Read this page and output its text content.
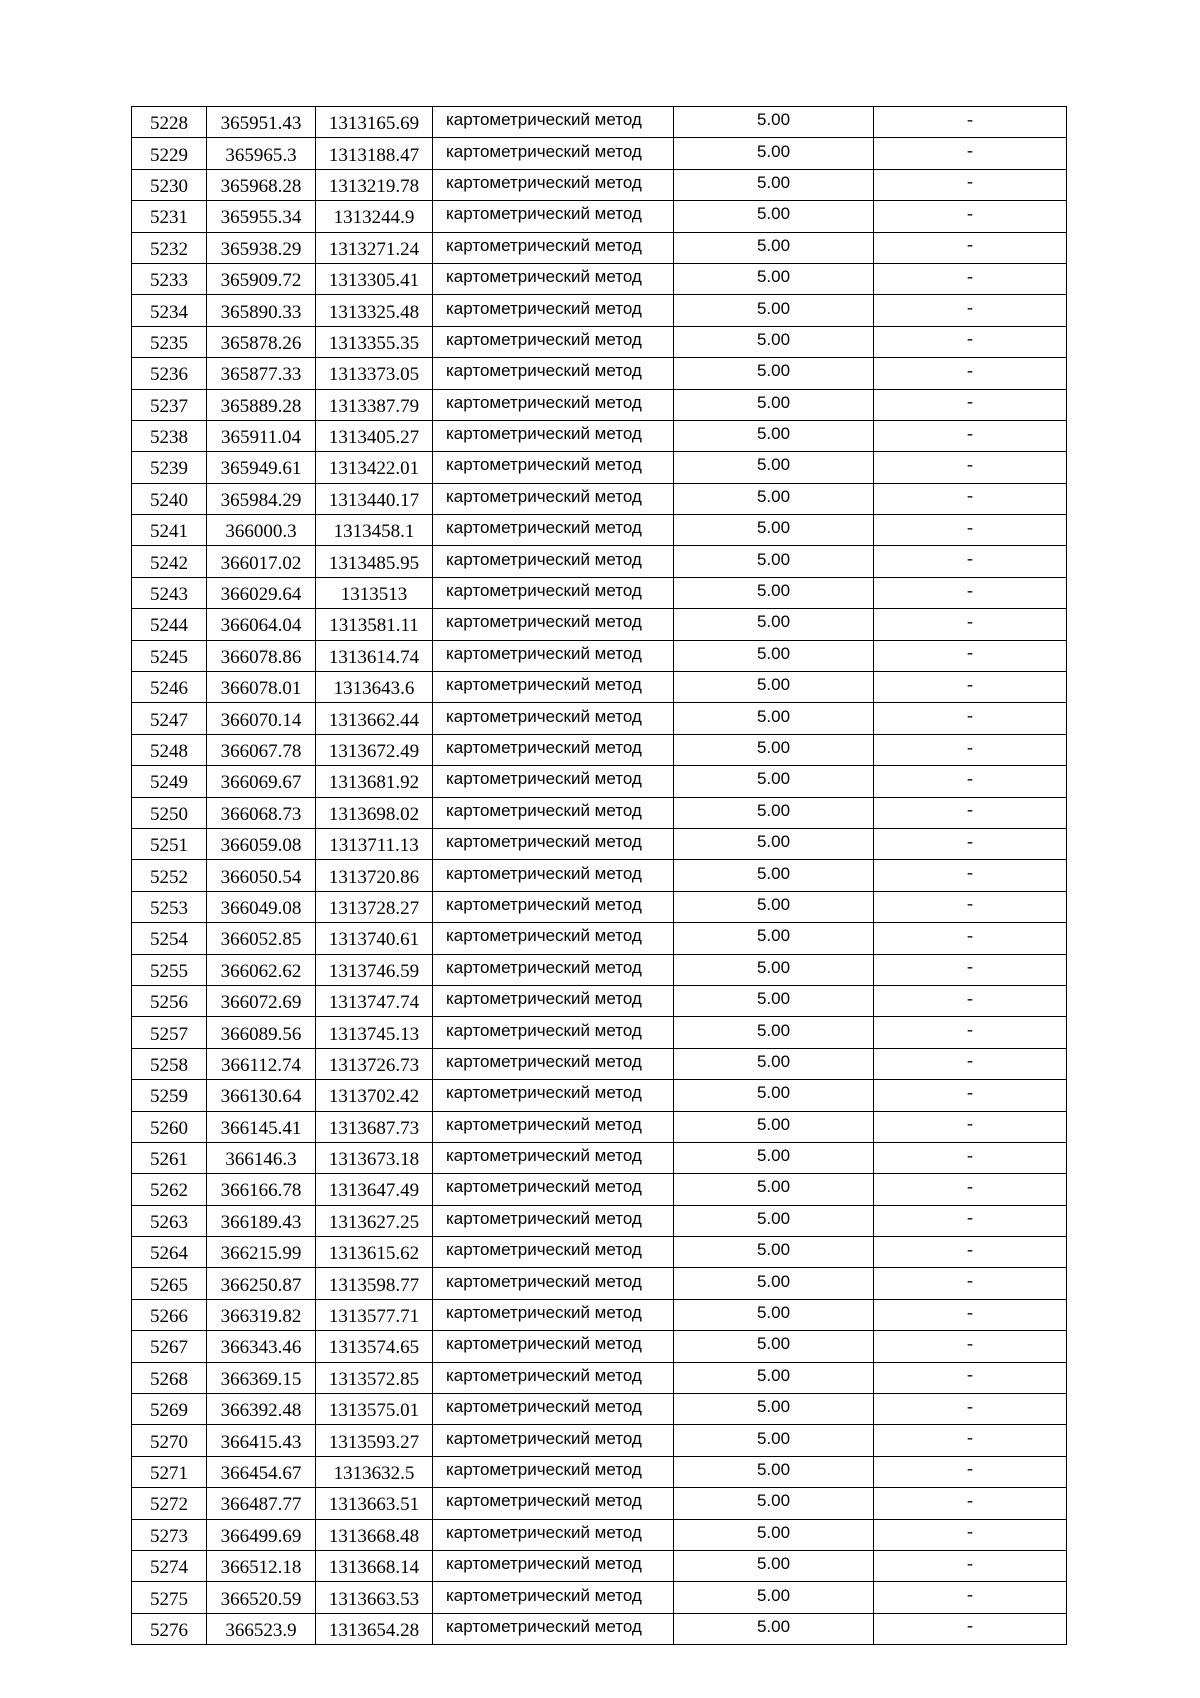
5228	365951.43	1313165.69	картометрический метод	5.00	-
5229	365965.3	1313188.47	картометрический метод	5.00	-
5230	365968.28	1313219.78	картометрический метод	5.00	-
5231	365955.34	1313244.9	картометрический метод	5.00	-
5232	365938.29	1313271.24	картометрический метод	5.00	-
5233	365909.72	1313305.41	картометрический метод	5.00	-
5234	365890.33	1313325.48	картометрический метод	5.00	-
5235	365878.26	1313355.35	картометрический метод	5.00	-
5236	365877.33	1313373.05	картометрический метод	5.00	-
5237	365889.28	1313387.79	картометрический метод	5.00	-
5238	365911.04	1313405.27	картометрический метод	5.00	-
5239	365949.61	1313422.01	картометрический метод	5.00	-
5240	365984.29	1313440.17	картометрический метод	5.00	-
5241	366000.3	1313458.1	картометрический метод	5.00	-
5242	366017.02	1313485.95	картометрический метод	5.00	-
5243	366029.64	1313513	картометрический метод	5.00	-
5244	366064.04	1313581.11	картометрический метод	5.00	-
5245	366078.86	1313614.74	картометрический метод	5.00	-
5246	366078.01	1313643.6	картометрический метод	5.00	-
5247	366070.14	1313662.44	картометрический метод	5.00	-
5248	366067.78	1313672.49	картометрический метод	5.00	-
5249	366069.67	1313681.92	картометрический метод	5.00	-
5250	366068.73	1313698.02	картометрический метод	5.00	-
5251	366059.08	1313711.13	картометрический метод	5.00	-
5252	366050.54	1313720.86	картометрический метод	5.00	-
5253	366049.08	1313728.27	картометрический метод	5.00	-
5254	366052.85	1313740.61	картометрический метод	5.00	-
5255	366062.62	1313746.59	картометрический метод	5.00	-
5256	366072.69	1313747.74	картометрический метод	5.00	-
5257	366089.56	1313745.13	картометрический метод	5.00	-
5258	366112.74	1313726.73	картометрический метод	5.00	-
5259	366130.64	1313702.42	картометрический метод	5.00	-
5260	366145.41	1313687.73	картометрический метод	5.00	-
5261	366146.3	1313673.18	картометрический метод	5.00	-
5262	366166.78	1313647.49	картометрический метод	5.00	-
5263	366189.43	1313627.25	картометрический метод	5.00	-
5264	366215.99	1313615.62	картометрический метод	5.00	-
5265	366250.87	1313598.77	картометрический метод	5.00	-
5266	366319.82	1313577.71	картометрический метод	5.00	-
5267	366343.46	1313574.65	картометрический метод	5.00	-
5268	366369.15	1313572.85	картометрический метод	5.00	-
5269	366392.48	1313575.01	картометрический метод	5.00	-
5270	366415.43	1313593.27	картометрический метод	5.00	-
5271	366454.67	1313632.5	картометрический метод	5.00	-
5272	366487.77	1313663.51	картометрический метод	5.00	-
5273	366499.69	1313668.48	картометрический метод	5.00	-
5274	366512.18	1313668.14	картометрический метод	5.00	-
5275	366520.59	1313663.53	картометрический метод	5.00	-
5276	366523.9	1313654.28	картометрический метод	5.00	-
